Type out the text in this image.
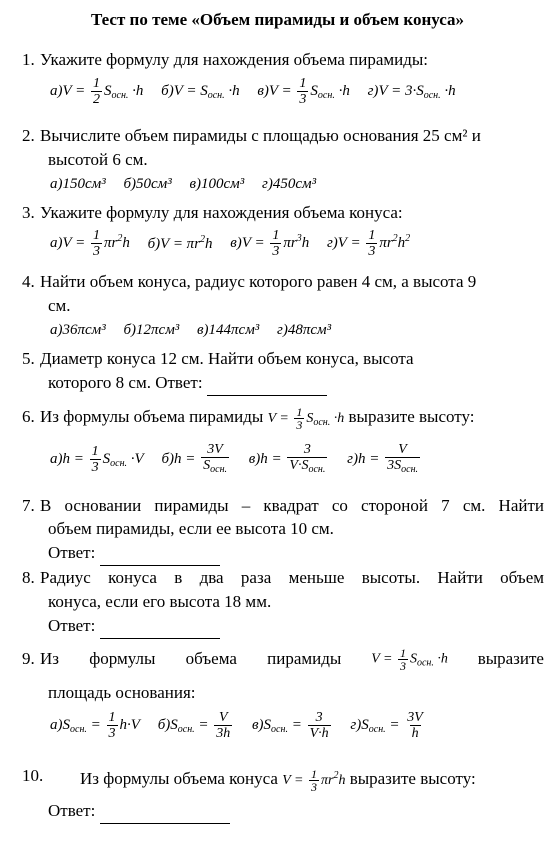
Тест по теме «Объем пирамиды и объем конуса»
1. Укажите формулу для нахождения объема пирамиды:
$а)V = \frac{1}{2} S_{осн.} \cdot h$ $б)V = S_{осн.} \cdot h$ $в)V = \frac{1}{3} S_{осн.} \cdot h$ $г)V = 3\cdot S_{осн.} \cdot h$
2. Вычислите объем пирамиды с площадью основания 25 см² и
высотой 6 см.
а)150см³ б)50см³ в)100см³ г)450см³
3. Укажите формулу для нахождения объема конуса:
$а)V = \frac{1}{3} \pi r^2h$ $б)V = \pi r^2h$ $в)V = \frac{1}{3} \pi r^3h$ $г)V = \frac{1}{3} \pi r^2h^2$
4. Найти объем конуса, радиус которого равен 4 см, а высота 9
см.
а)36πсм³ б)12πсм³ в)144πсм³ г)48πсм³
5. Диаметр конуса 12 см. Найти объем конуса, высота
которого 8 см. Ответ:
6. Из формулы объема пирамиды $V = \frac{1}{3} S_{осн.} \cdot h$ выразите высоту:
$а)h = \frac{1}{3} S_{осн.} \cdot V$ $б)h = \frac{3V}{S_{осн.}} в)h = \frac{3}{V\cdot S_{осн.}} г)h = \frac{V}{3S_{осн.}}$
7. В основании пирамиды – квадрат со стороной 7 см. Найти
объем пирамиды, если ее высота 10 см.
Ответ:
8. Радиус конуса в два раза меньше высоты. Найти объем
конуса, если его высота 18 мм.
Ответ:
9. Из формулы объема пирамиды $V = \frac{1}{3} S_{осн.} \cdot h$ выразите
площадь основания:
$а)S_{осн.} = \frac{1}{3} h\cdot V$ $б)S_{осн.} = \frac{V}{3h} в)S_{осн.} = \frac{3}{V\cdot h} г)S_{осн.} = \frac{3V}{h}$
10. Из формулы объема конуса $V = \frac{1}{3} \pi r^2h$ выразите высоту:
Ответ:
